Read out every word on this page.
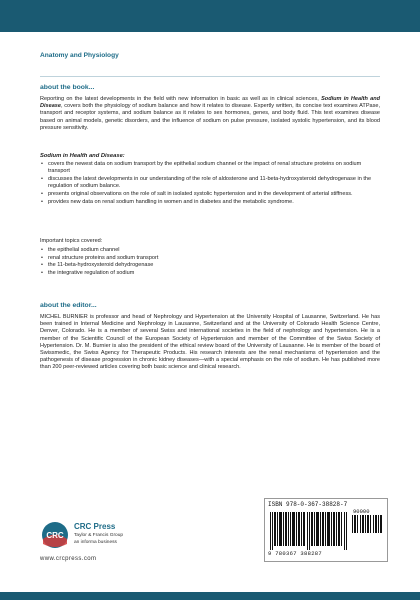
Anatomy and Physiology
about the book...
Reporting on the latest developments in the field with new information in basic as well as in clinical sciences, Sodium in Health and Disease, covers both the physiology of sodium balance and how it relates to disease. Expertly written, its concise text examines ATPase, transport and receptor systems, and sodium balance as it relates to sex hormones, genes, and body fluid. This text examines disease based on animal models, genetic disorders, and the influence of sodium on pulse pressure, isolated systolic hypertension, and its blood pressure sensitivity.
Sodium in Health and Disease:
• covers the newest data on sodium transport by the epithelial sodium channel or the impact of renal structure proteins on sodium transport
• discusses the latest developments in our understanding of the role of aldosterone and 11-beta-hydroxysteroid dehydrogenase in the regulation of sodium balance.
• presents original observations on the role of salt in isolated systolic hypertension and in the development of arterial stiffness.
• provides new data on renal sodium handling in women and in diabetes and the metabolic syndrome.
Important topics covered:
• the epithelial sodium channel
• renal structure proteins and sodium transport
• the 11-beta-hydroxysteroid dehydrogenase
• the integrative regulation of sodium
about the editor...
MICHEL BURNIER is professor and head of Nephrology and Hypertension at the University Hospital of Lausanne, Switzerland. He has been trained in Internal Medicine and Nephrology in Lausanne, Switzerland and at the University of Colorado Health Science Centre, Denver, Colorado. He is a member of several Swiss and international societies in the field of nephrology and hypertension. He is a member of the Scientific Council of the European Society of Hypertension and member of the Committee of the Swiss Society of Hypertension. Dr. M. Burnier is also the president of the ethical review board of the University of Lausanne. He is member of the board of Swissmedic, the Swiss Agency for Therapeutic Products. His research interests are the renal mechanisms of hypertension and the pathogenesis of disease progression in chronic kidney diseases—with a special emphasis on the role of sodium. He has published more than 200 peer-reviewed articles covering both basic science and clinical research.
ISBN 978-0-367-38828-7
90000
9 780367 388287
CRC
CRC Press
Taylor & Francis Group
an informa business
www.crcpress.com
